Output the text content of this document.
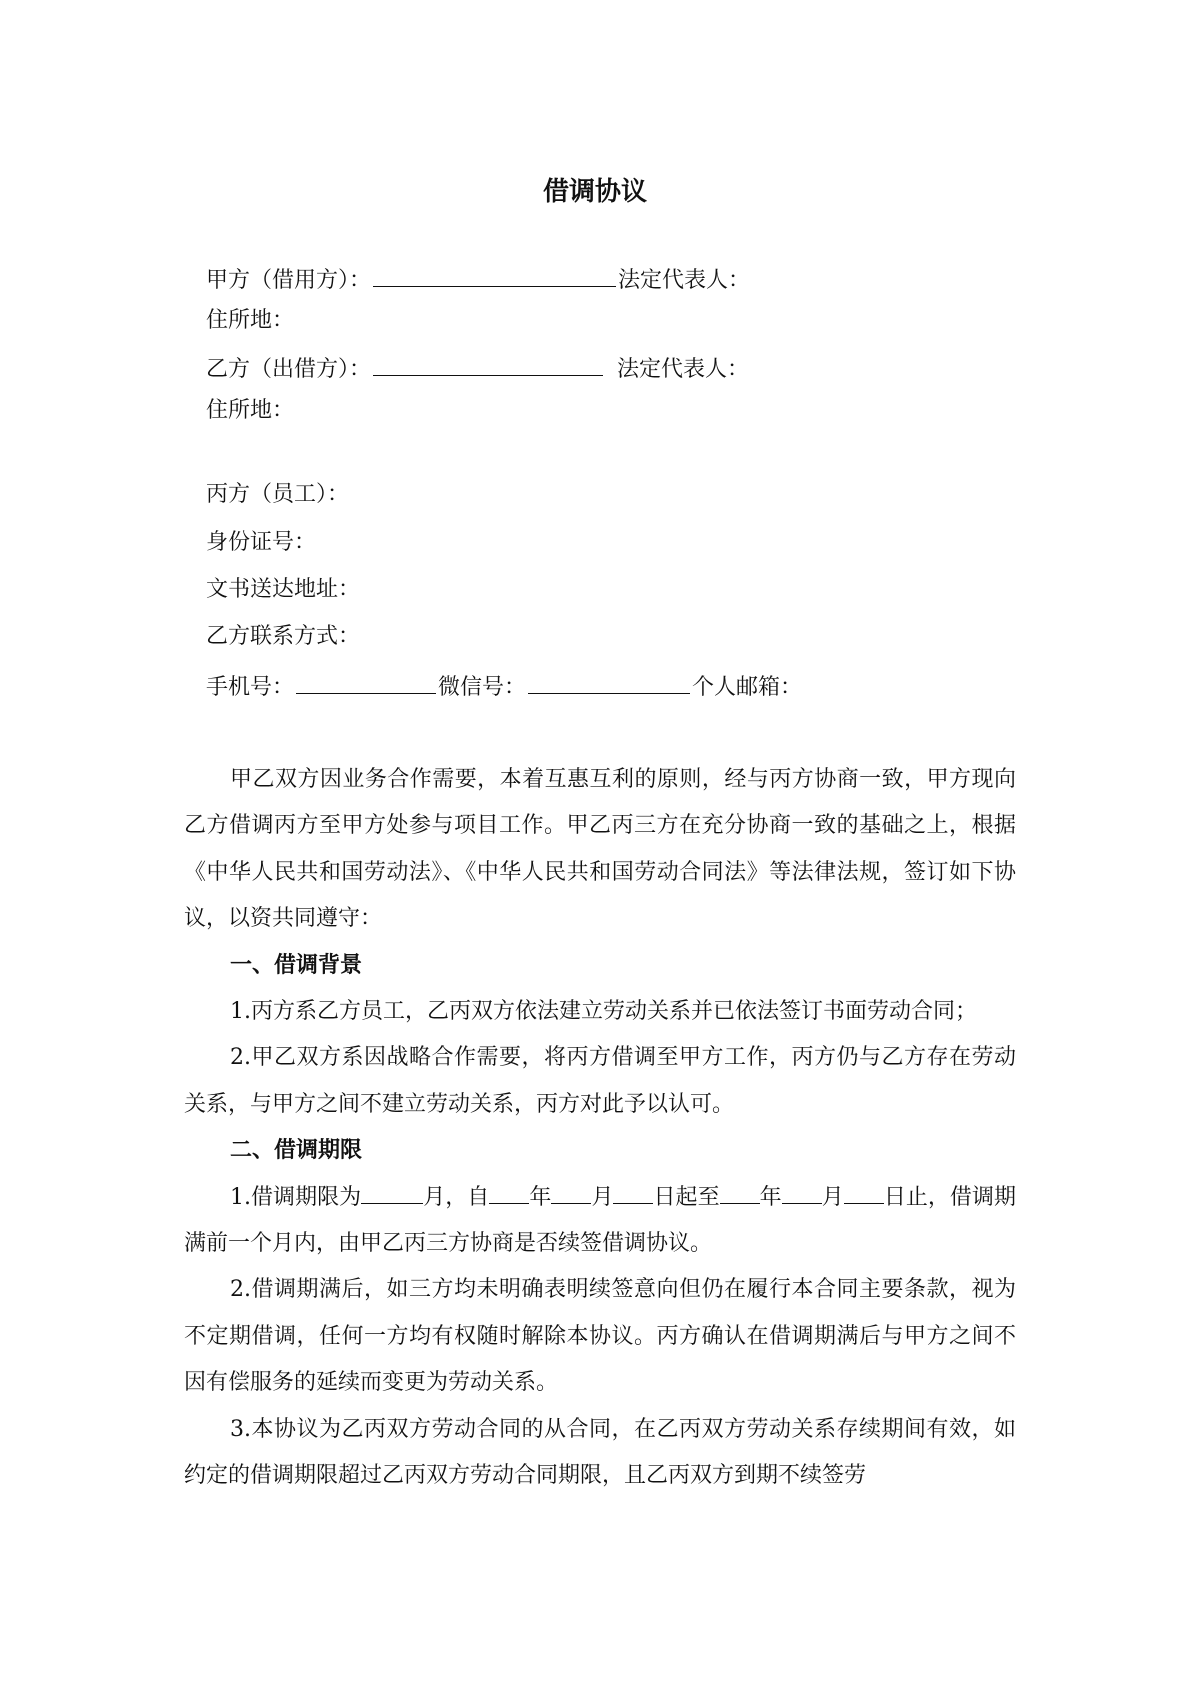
借调协议
甲方（借用方）：	法定代表人：
住所地：
乙方（出借方）：	法定代表人：
住所地：
丙方（员工）：
身份证号：
文书送达地址：
乙方联系方式：
手机号：	微信号：	个人邮箱：

甲乙双方因业务合作需要，本着互惠互利的原则，经与丙方协商一致，甲方现向乙方借调丙方至甲方处参与项目工作。甲乙丙三方在充分协商一致的基础之上，根据《中华人民共和国劳动法》、《中华人民共和国劳动合同法》等法律法规，签订如下协议，以资共同遵守：

一、借调背景

1.丙方系乙方员工，乙丙双方依法建立劳动关系并已依法签订书面劳动合同；

2.甲乙双方系因战略合作需要，将丙方借调至甲方工作，丙方仍与乙方存在劳动关系，与甲方之间不建立劳动关系，丙方对此予以认可。

二、借调期限

1.借调期限为	月，自 年 月 日起至 年 月 日止，借调期满前一个月内，由甲乙丙三方协商是否续签借调协议。

2.借调期满后，如三方均未明确表明续签意向但仍在履行本合同主要条款，视为不定期借调，任何一方均有权随时解除本协议。丙方确认在借调期满后与甲方之间不因有偿服务的延续而变更为劳动关系。

3.本协议为乙丙双方劳动合同的从合同，在乙丙双方劳动关系存续期间有效，如约定的借调期限超过乙丙双方劳动合同期限，且乙丙双方到期不续签劳
